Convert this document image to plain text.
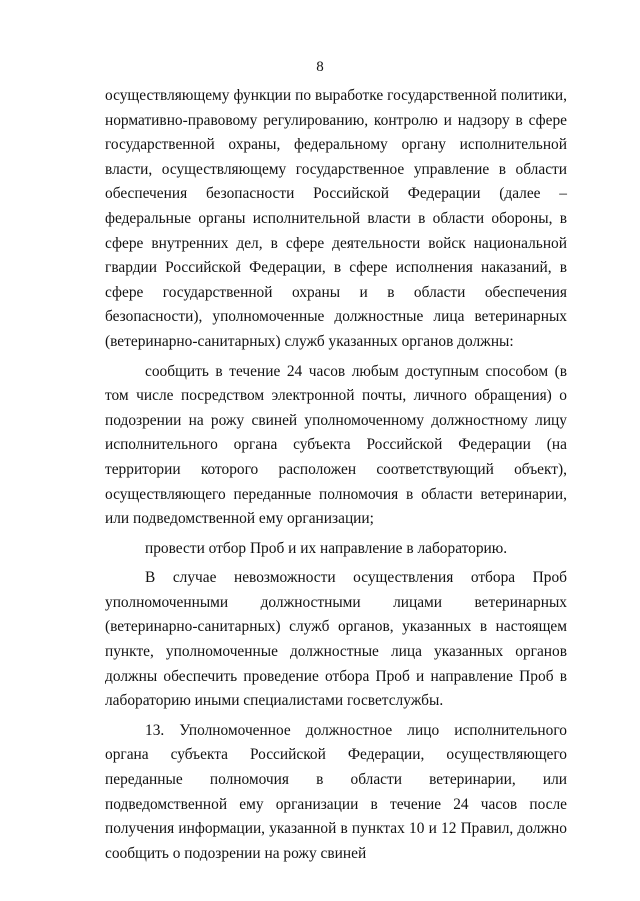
8

осуществляющему функции по выработке государственной политики, нормативно-правовому регулированию, контролю и надзору в сфере государственной охраны, федеральному органу исполнительной власти, осуществляющему государственное управление в области обеспечения безопасности Российской Федерации (далее – федеральные органы исполнительной власти в области обороны, в сфере внутренних дел, в сфере деятельности войск национальной гвардии Российской Федерации, в сфере исполнения наказаний, в сфере государственной охраны и в области обеспечения безопасности), уполномоченные должностные лица ветеринарных (ветеринарно-санитарных) служб указанных органов должны:

сообщить в течение 24 часов любым доступным способом (в том числе посредством электронной почты, личного обращения) о подозрении на рожу свиней уполномоченному должностному лицу исполнительного органа субъекта Российской Федерации (на территории которого расположен соответствующий объект), осуществляющего переданные полномочия в области ветеринарии, или подведомственной ему организации;

провести отбор Проб и их направление в лабораторию.

В случае невозможности осуществления отбора Проб уполномоченными должностными лицами ветеринарных (ветеринарно-санитарных) служб органов, указанных в настоящем пункте, уполномоченные должностные лица указанных органов должны обеспечить проведение отбора Проб и направление Проб в лабораторию иными специалистами госветслужбы.

13. Уполномоченное должностное лицо исполнительного органа субъекта Российской Федерации, осуществляющего переданные полномочия в области ветеринарии, или подведомственной ему организации в течение 24 часов после получения информации, указанной в пунктах 10 и 12 Правил, должно сообщить о подозрении на рожу свиней
